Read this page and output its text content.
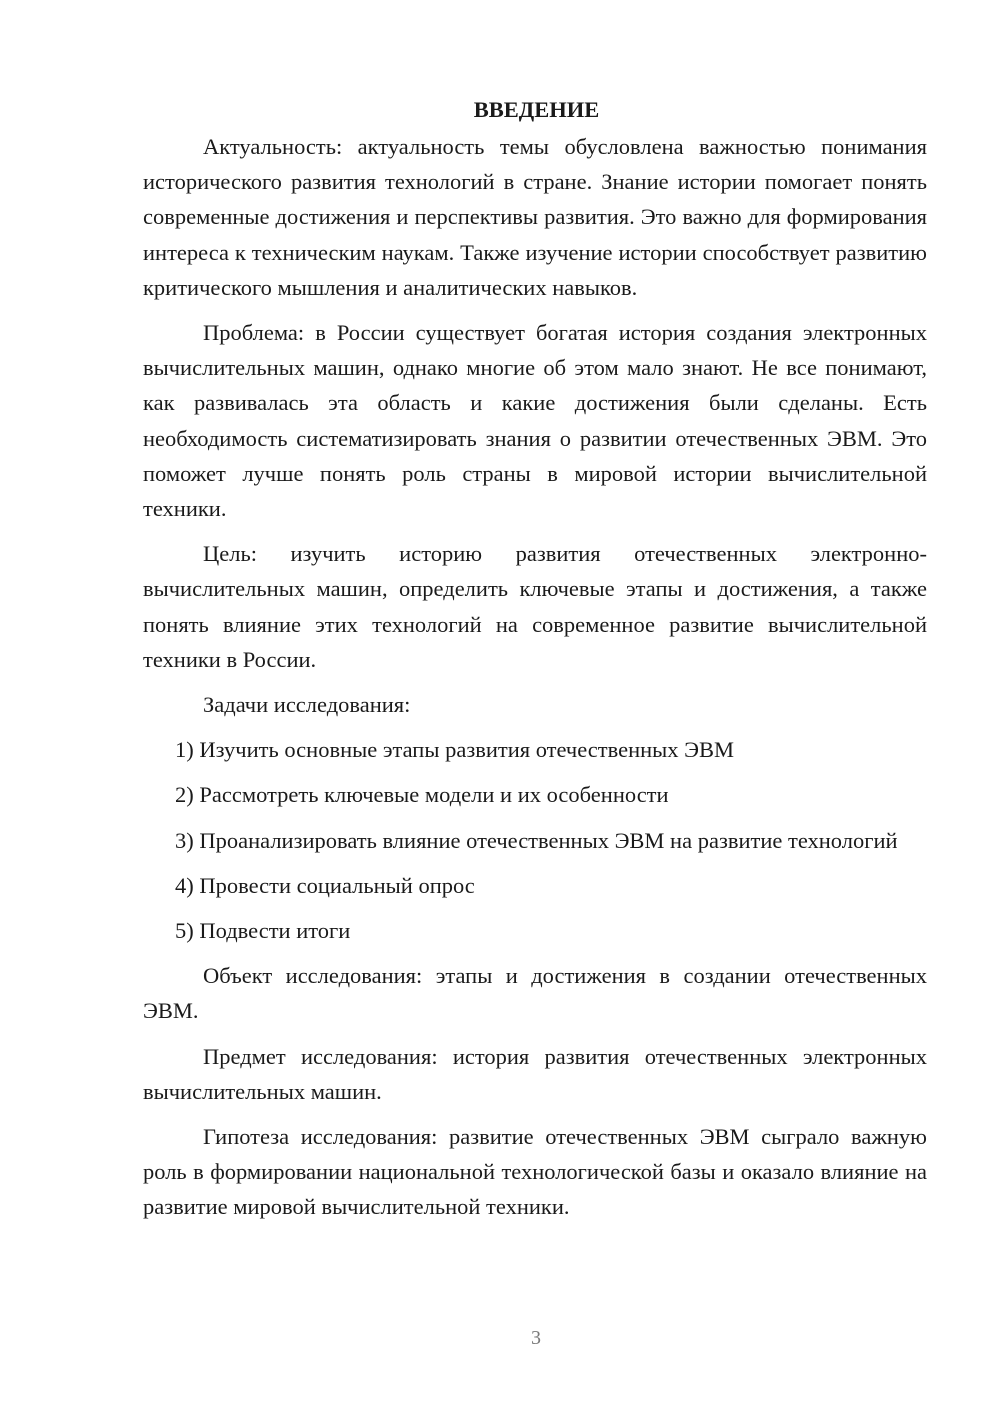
ВВЕДЕНИЕ

Актуальность: актуальность темы обусловлена важностью понимания исторического развития технологий в стране. Знание истории помогает понять современные достижения и перспективы развития. Это важно для формирования интереса к техническим наукам. Также изучение истории способствует развитию критического мышления и аналитических навыков.

Проблема: в России существует богатая история создания электронных вычислительных машин, однако многие об этом мало знают. Не все понимают, как развивалась эта область и какие достижения были сделаны. Есть необходимость систематизировать знания о развитии отечественных ЭВМ. Это поможет лучше понять роль страны в мировой истории вычислительной техники.

Цель: изучить историю развития отечественных электронно-вычислительных машин, определить ключевые этапы и достижения, а также понять влияние этих технологий на современное развитие вычислительной техники в России.

Задачи исследования:

1) Изучить основные этапы развития отечественных ЭВМ

2) Рассмотреть ключевые модели и их особенности

3) Проанализировать влияние отечественных ЭВМ на развитие технологий

4) Провести социальный опрос

5) Подвести итоги

Объект исследования: этапы и достижения в создании отечественных ЭВМ.

Предмет исследования: история развития отечественных электронных вычислительных машин.

Гипотеза исследования: развитие отечественных ЭВМ сыграло важную роль в формировании национальной технологической базы и оказало влияние на развитие мировой вычислительной техники.

3
